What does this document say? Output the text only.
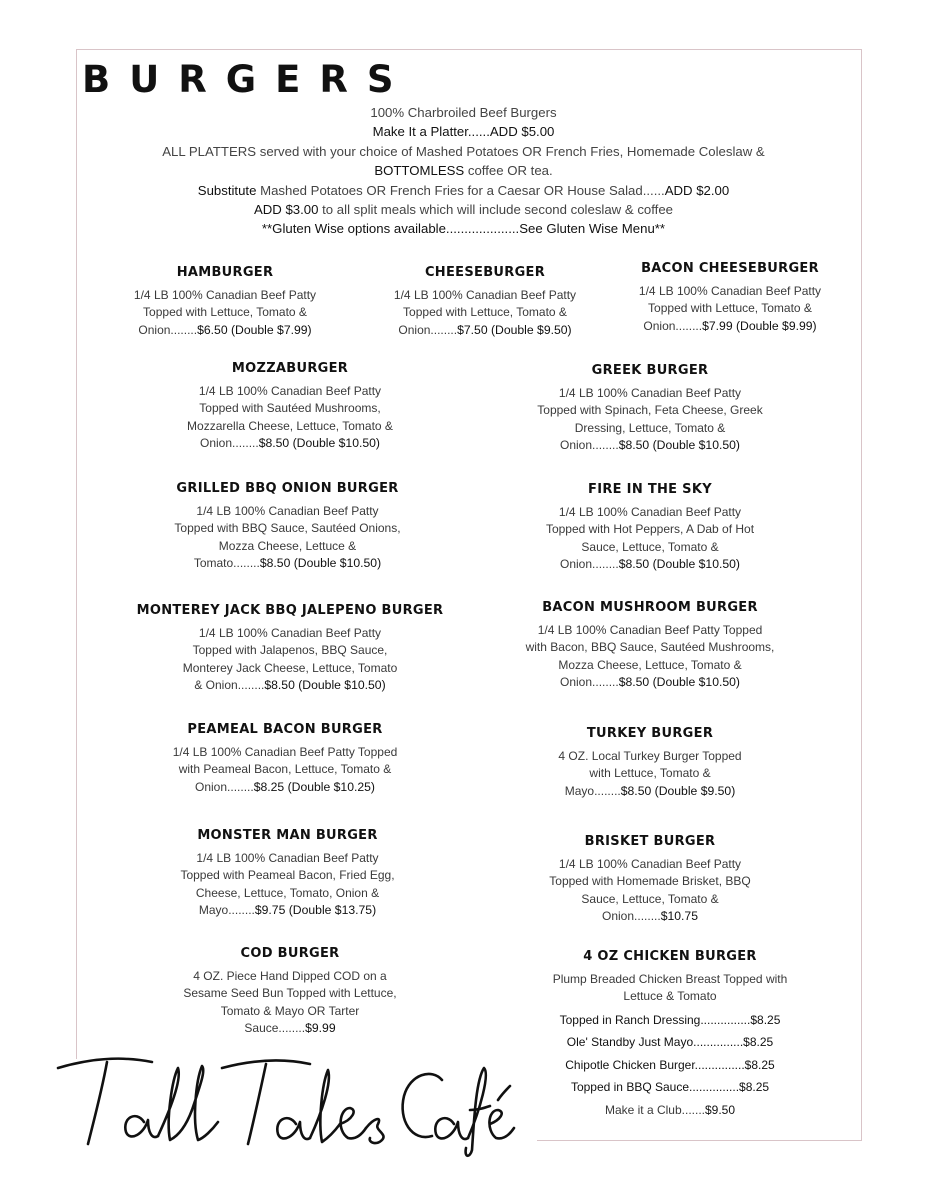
BURGERS
100% Charbroiled Beef Burgers
Make It a Platter......ADD $5.00
ALL PLATTERS served with your choice of Mashed Potatoes OR French Fries, Homemade Coleslaw &
BOTTOMLESS coffee OR tea.
Substitute Mashed Potatoes OR French Fries for a Caesar OR House Salad......ADD $2.00
ADD $3.00 to all split meals which will include second coleslaw & coffee
**Gluten Wise options available....................See Gluten Wise Menu**
HAMBURGER
1/4 LB 100% Canadian Beef Patty
Topped with Lettuce, Tomato &
Onion........$6.50 (Double $7.99)
CHEESEBURGER
1/4 LB 100% Canadian Beef Patty
Topped with Lettuce, Tomato &
Onion........$7.50 (Double $9.50)
BACON CHEESEBURGER
1/4 LB 100% Canadian Beef Patty
Topped with Lettuce, Tomato &
Onion........$7.99 (Double $9.99)
MOZZABURGER
1/4 LB 100% Canadian Beef Patty
Topped with Sautéed Mushrooms,
Mozzarella Cheese, Lettuce, Tomato &
Onion........$8.50 (Double $10.50)
GREEK BURGER
1/4 LB 100% Canadian Beef Patty
Topped with Spinach, Feta Cheese, Greek
Dressing, Lettuce, Tomato &
Onion........$8.50 (Double $10.50)
GRILLED BBQ ONION BURGER
1/4 LB 100% Canadian Beef Patty
Topped with BBQ Sauce, Sautéed Onions,
Mozza Cheese, Lettuce &
Tomato........$8.50 (Double $10.50)
FIRE IN THE SKY
1/4 LB 100% Canadian Beef Patty
Topped with Hot Peppers, A Dab of Hot
Sauce, Lettuce, Tomato &
Onion........$8.50 (Double $10.50)
MONTEREY JACK BBQ JALEPENO BURGER
1/4 LB 100% Canadian Beef Patty
Topped with Jalapenos, BBQ Sauce,
Monterey Jack Cheese, Lettuce, Tomato
& Onion........$8.50 (Double $10.50)
BACON MUSHROOM BURGER
1/4 LB 100% Canadian Beef Patty Topped
with Bacon, BBQ Sauce, Sautéed Mushrooms,
Mozza Cheese, Lettuce, Tomato &
Onion........$8.50 (Double $10.50)
PEAMEAL BACON BURGER
1/4 LB 100% Canadian Beef Patty Topped
with Peameal Bacon, Lettuce, Tomato &
Onion........$8.25 (Double $10.25)
TURKEY BURGER
4 OZ. Local Turkey Burger Topped
with Lettuce, Tomato &
Mayo........$8.50 (Double $9.50)
MONSTER MAN BURGER
1/4 LB 100% Canadian Beef Patty
Topped with Peameal Bacon, Fried Egg,
Cheese, Lettuce, Tomato, Onion &
Mayo........$9.75 (Double $13.75)
BRISKET BURGER
1/4 LB 100% Canadian Beef Patty
Topped with Homemade Brisket, BBQ
Sauce, Lettuce, Tomato &
Onion........$10.75
COD BURGER
4 OZ. Piece Hand Dipped COD on a
Sesame Seed Bun Topped with Lettuce,
Tomato & Mayo OR Tarter
Sauce........$9.99
4 OZ CHICKEN BURGER
Plump Breaded Chicken Breast Topped with
Lettuce & Tomato
Topped in Ranch Dressing...............$8.25
Ole' Standby Just Mayo...............$8.25
Chipotle Chicken Burger...............$8.25
Topped in BBQ Sauce...............$8.25
Make it a Club.......$9.50
